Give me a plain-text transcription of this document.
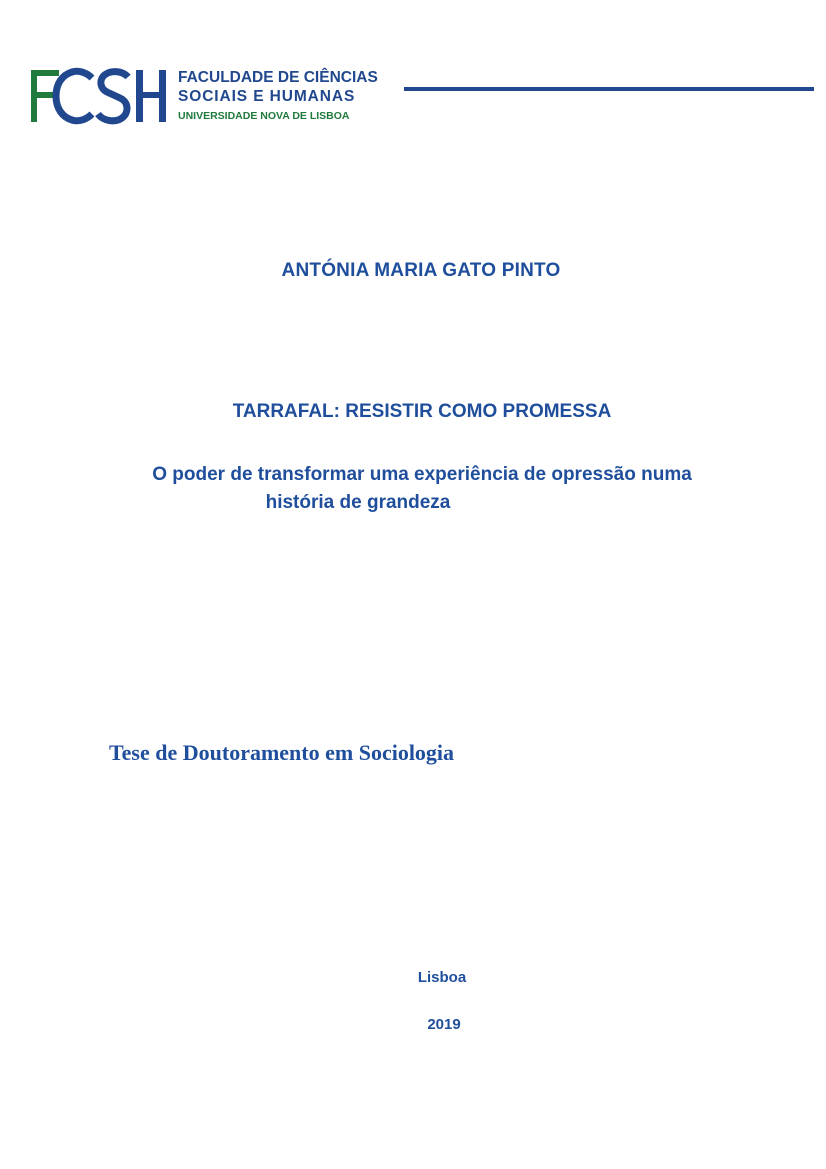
FACULDADE DE CIÊNCIAS
SOCIAIS E HUMANAS
UNIVERSIDADE NOVA DE LISBOA
ANTÓNIA MARIA GATO PINTO
TARRAFAL: RESISTIR COMO PROMESSA
O poder de transformar uma experiência de opressão numa
história de grandeza
Tese de Doutoramento em Sociologia
Lisboa
2019
